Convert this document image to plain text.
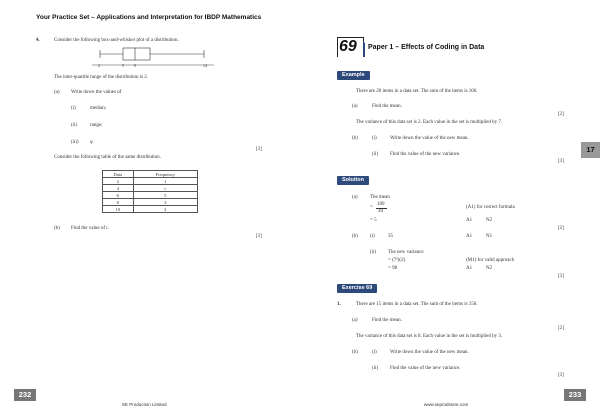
Your Practice Set – Applications and Interpretation for IBDP Mathematics
4.	Consider the following box-and-whisker plot of a distribution.
2	5	8	14
The inter-quartile range of the distribution is 2.
(a) Write down the values of
(i)	median;
(ii)	range;
(iii) q.
[3]
Consider the following table of the same distribution.
Data	Frequency
2	1
4	r
6	5
8	3
10	2
(b) Find the value of r.
[3]
69 Paper 1 – Effects of Coding in Data
Example
There are 20 items in a data set. The sum of the items is 100.
(a)	Find the mean.
[2]
The variance of this data set is 2. Each value in the set is multiplied by 7.
(b)	(i)	Write down the value of the new mean.
(ii) Find the value of the new variance.
[3]
Solution
(a) The mean
=
100
20
(A1) for correct formula
= 5	A1	N2
[2]
(b) (i)	35	A1	N1
(ii) The new variance
= (7²)(2)	(M1) for valid approach
= 98	A1	N2
[3]
Exercise 69
1.	There are 15 items in a data set. The sum of the items is 150.
(a)	Find the mean.
[2]
The variance of this data set is 8. Each value in the set is multiplied by 3.
(b)	(i)	Write down the value of the new mean.
(ii) Find the value of the new variance.
[3]
17
232
SE Production Limited	www.seprodstore.com
233
